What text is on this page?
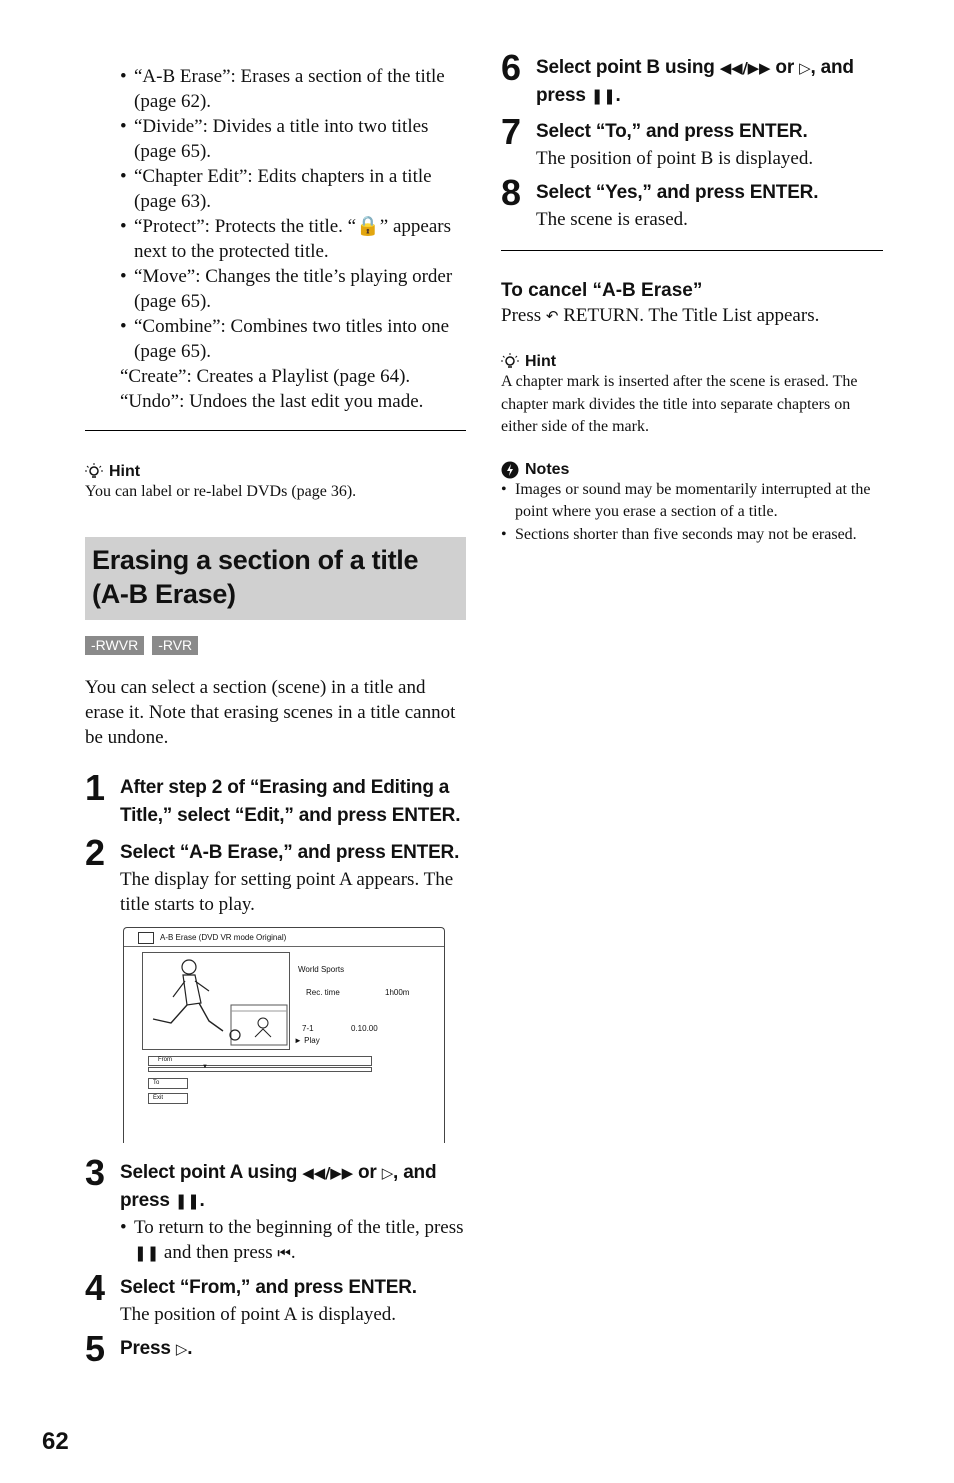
• “A-B Erase”: Erases a section of the title (page 62).
• “Divide”: Divides a title into two titles (page 65).
• “Chapter Edit”: Edits chapters in a title (page 63).
• “Protect”: Protects the title. “🔒” appears next to the protected title.
• “Move”: Changes the title’s playing order (page 65).
• “Combine”: Combines two titles into one (page 65).
“Create”: Creates a Playlist (page 64).
“Undo”: Undoes the last edit you made.
Hint
You can label or re-label DVDs (page 36).
Erasing a section of a title (A-B Erase)
-RWVR	-RVR
You can select a section (scene) in a title and erase it. Note that erasing scenes in a title cannot be undone.
1 After step 2 of “Erasing and Editing a Title,” select “Edit,” and press ENTER.
2 Select “A-B Erase,” and press ENTER.
The display for setting point A appears. The title starts to play.
A-B Erase (DVD VR mode Original)
World Sports
Rec. time	1h00m
7-1	0.10.00
► Play
From
▼
To
Exit
3 Select point A using ◀◀/▶▶ or ▷, and press ❚❚.
• To return to the beginning of the title, press ❚❚ and then press ⏮.
4 Select “From,” and press ENTER.
The position of point A is displayed.
5 Press ▷.
6 Select point B using ◀◀/▶▶ or ▷, and press ❚❚.
7 Select “To,” and press ENTER.
The position of point B is displayed.
8 Select “Yes,” and press ENTER.
The scene is erased.
To cancel “A-B Erase”
Press ↶ RETURN. The Title List appears.
Hint
A chapter mark is inserted after the scene is erased. The chapter mark divides the title into separate chapters on either side of the mark.
Notes
• Images or sound may be momentarily interrupted at the point where you erase a section of a title.
• Sections shorter than five seconds may not be erased.
62
